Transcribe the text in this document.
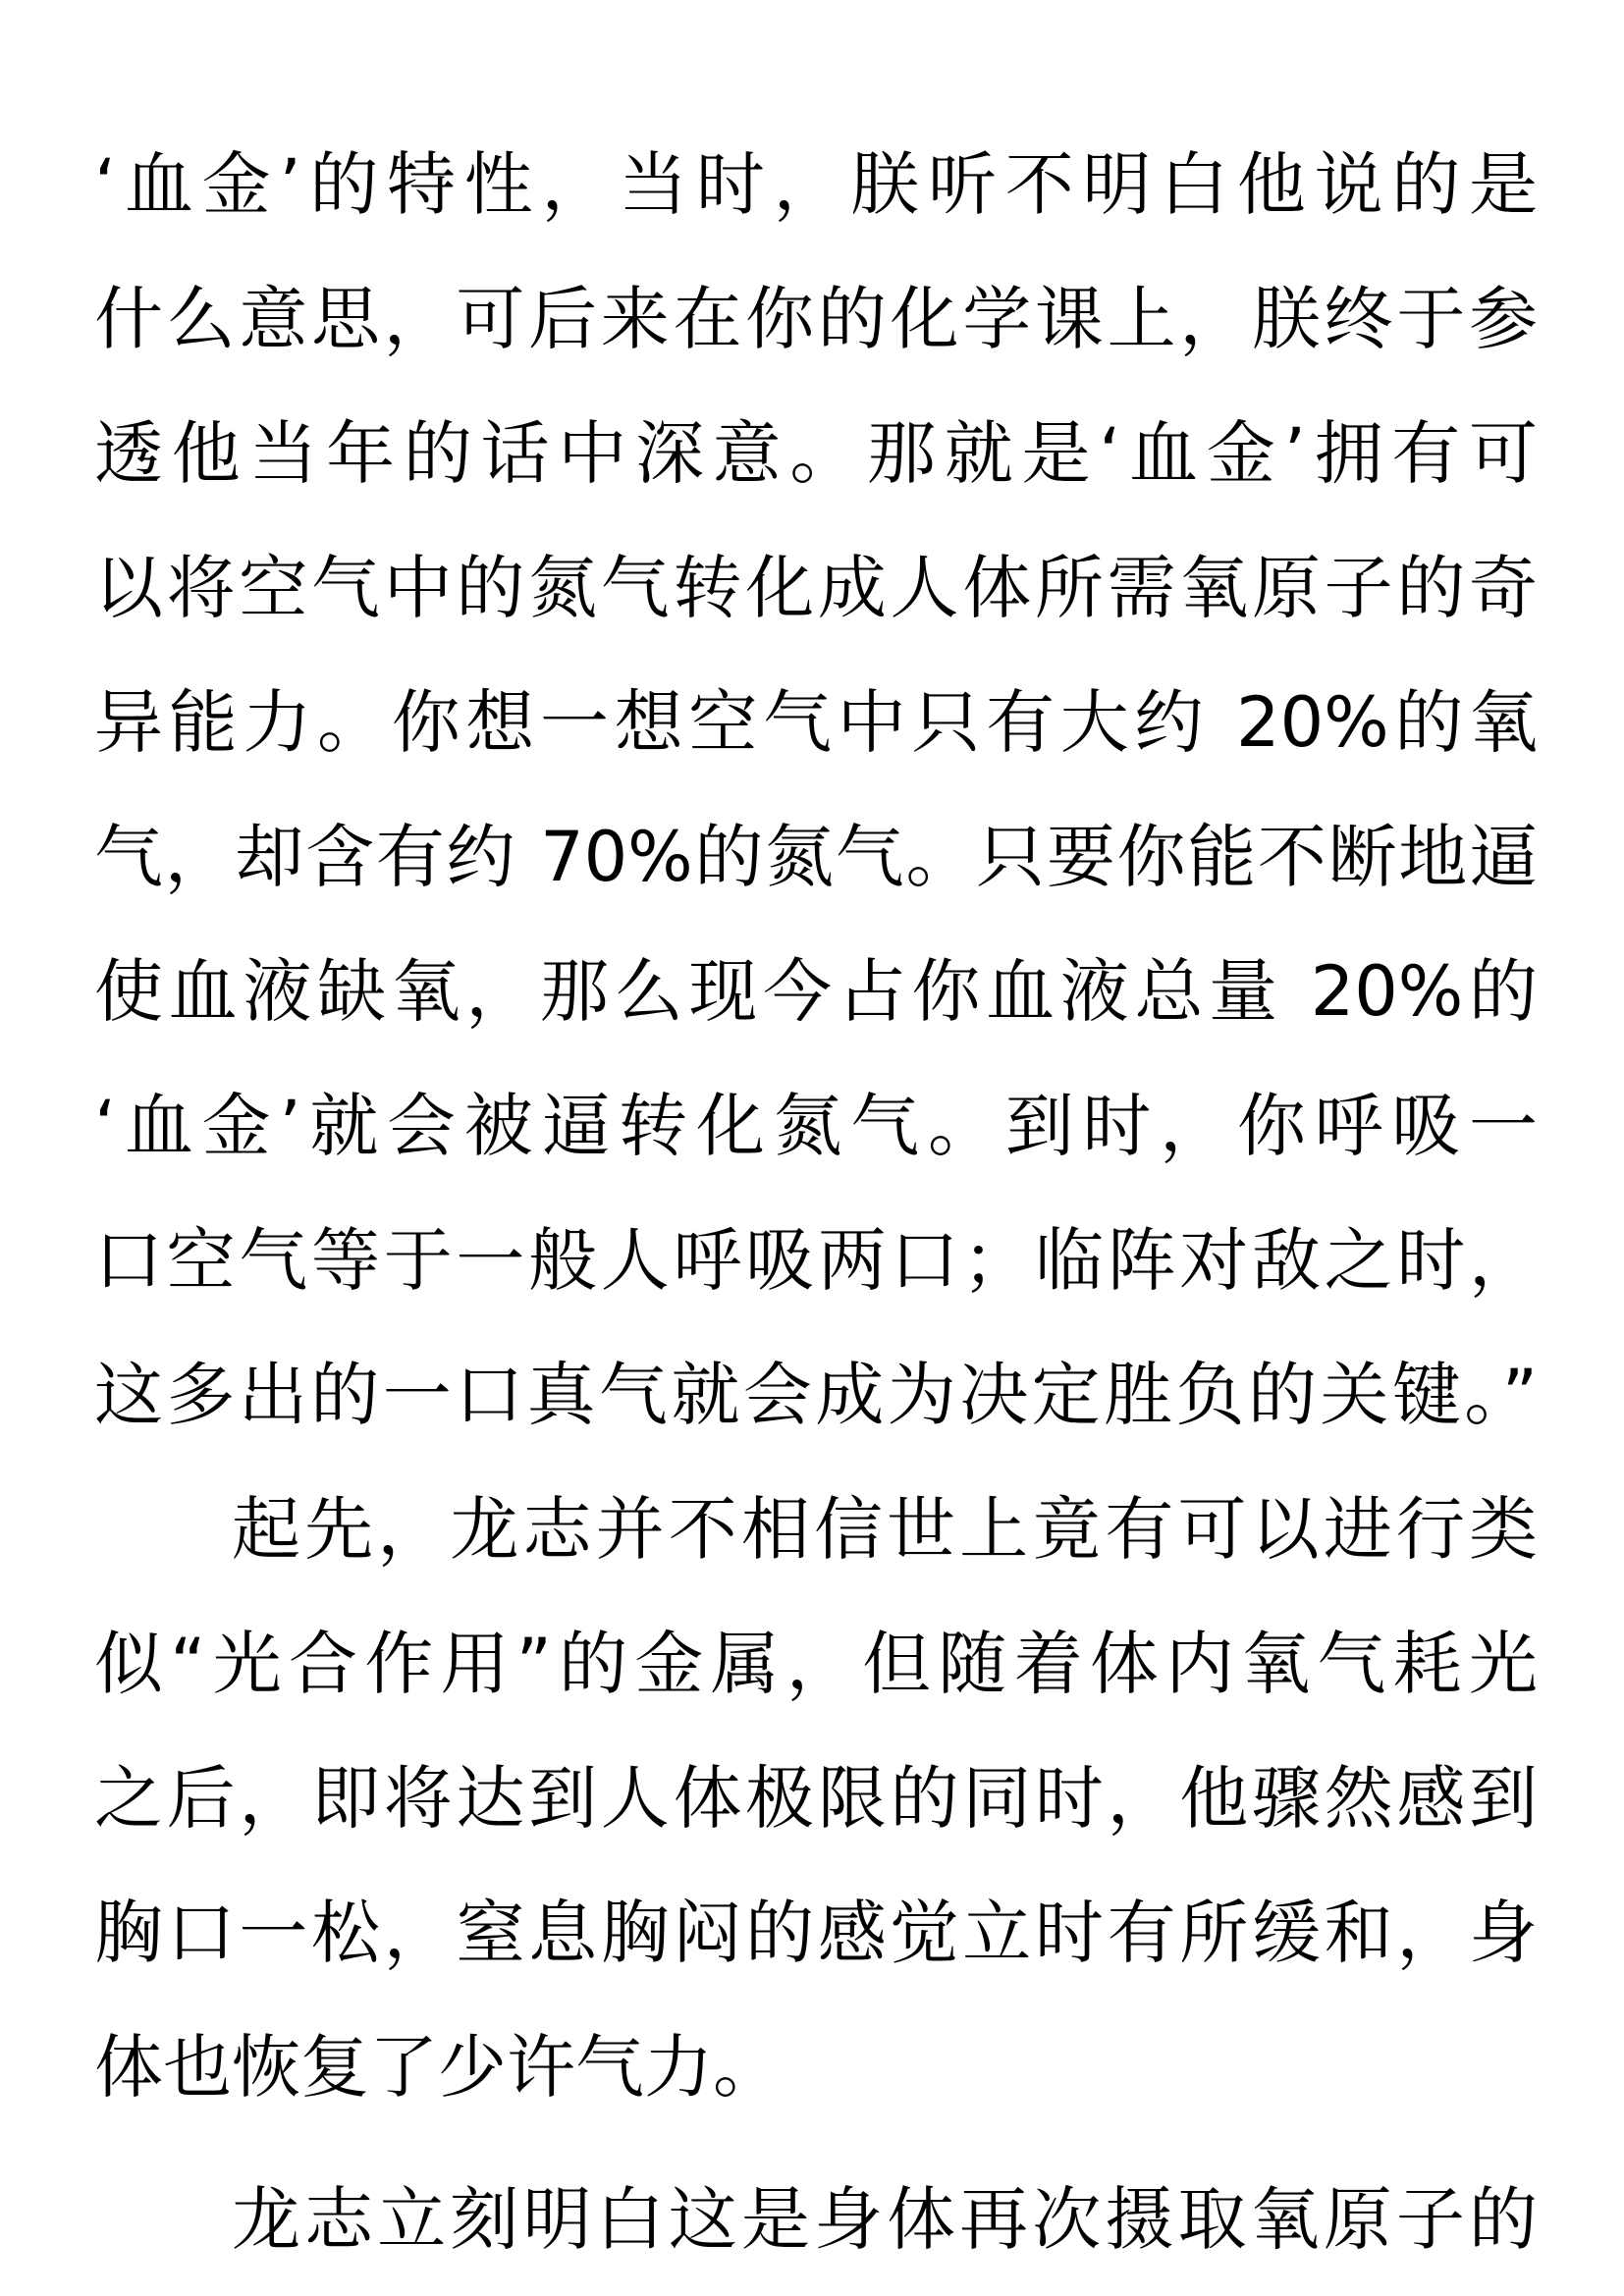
‘血金’的特性，当时，朕听不明白他说的是
什么意思，可后来在你的化学课上，朕终于参
透他当年的话中深意。那就是‘血金’拥有可
以将空气中的氮气转化成人体所需氧原子的奇
异能力。你想一想空气中只有大约 20%的氧
气，却含有约 70%的氮气。只要你能不断地逼
使血液缺氧，那么现今占你血液总量 20%的
‘血金’就会被逼转化氮气。到时，你呼吸一
口空气等于一般人呼吸两口；临阵对敌之时，
这多出的一口真气就会成为决定胜负的关键。”
起先，龙志并不相信世上竟有可以进行类
似“光合作用”的金属，但随着体内氧气耗光
之后，即将达到人体极限的同时，他骤然感到
胸口一松，窒息胸闷的感觉立时有所缓和，身
体也恢复了少许气力。
龙志立刻明白这是身体再次摄取氧原子的
